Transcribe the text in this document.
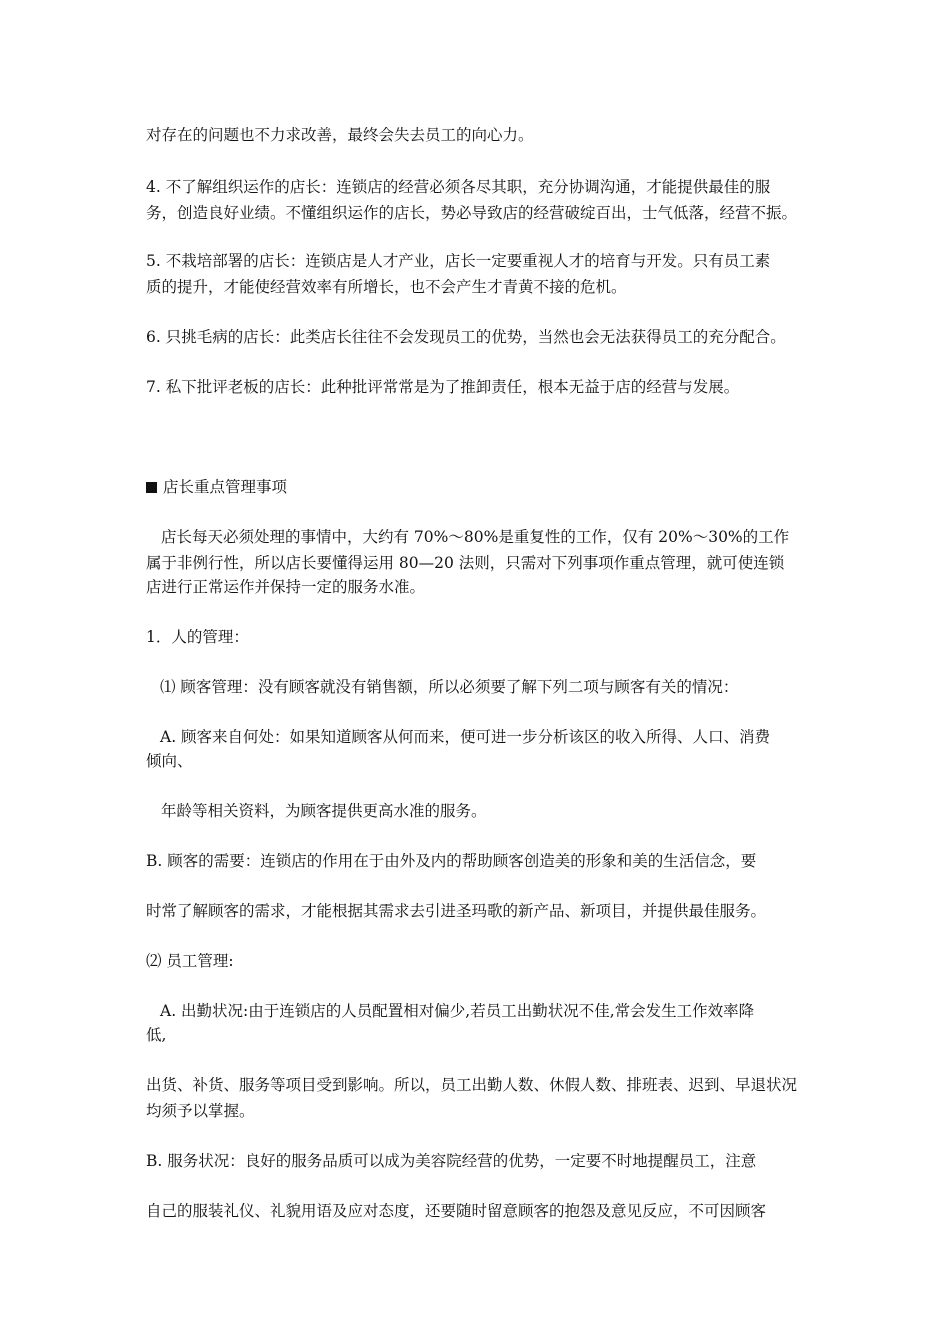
对存在的问题也不力求改善，最终会失去员工的向心力。
4. 不了解组织运作的店长：连锁店的经营必须各尽其职，充分协调沟通，才能提供最佳的服
务，创造良好业绩。不懂组织运作的店长，势必导致店的经营破绽百出，士气低落，经营不振。
5. 不栽培部署的店长：连锁店是人才产业，店长一定要重视人才的培育与开发。只有员工素
质的提升，才能使经营效率有所增长，也不会产生才青黄不接的危机。
6. 只挑毛病的店长：此类店长往往不会发现员工的优势，当然也会无法获得员工的充分配合。
7. 私下批评老板的店长：此种批评常常是为了推卸责任，根本无益于店的经营与发展。
店长重点管理事项
店长每天必须处理的事情中，大约有 70%～80%是重复性的工作，仅有 20%～30%的工作
属于非例行性，所以店长要懂得运用 80—20 法则，只需对下列事项作重点管理，就可使连锁
店进行正常运作并保持一定的服务水准。
1．人的管理：
⑴ 顾客管理：没有顾客就没有销售额，所以必须要了解下列二项与顾客有关的情况：
A. 顾客来自何处：如果知道顾客从何而来，便可进一步分析该区的收入所得、人口、消费
倾向、
年龄等相关资料，为顾客提供更高水准的服务。
B. 顾客的需要：连锁店的作用在于由外及内的帮助顾客创造美的形象和美的生活信念，要
时常了解顾客的需求，才能根据其需求去引进圣玛歌的新产品、新项目，并提供最佳服务。
⑵ 员工管理:
A. 出勤状况:由于连锁店的人员配置相对偏少,若员工出勤状况不佳,常会发生工作效率降
低,
出货、补货、服务等项目受到影响。所以，员工出勤人数、休假人数、排班表、迟到、早退状况
均须予以掌握。
B. 服务状况：良好的服务品质可以成为美容院经营的优势，一定要不时地提醒员工，注意
自己的服装礼仪、礼貌用语及应对态度，还要随时留意顾客的抱怨及意见反应，不可因顾客
